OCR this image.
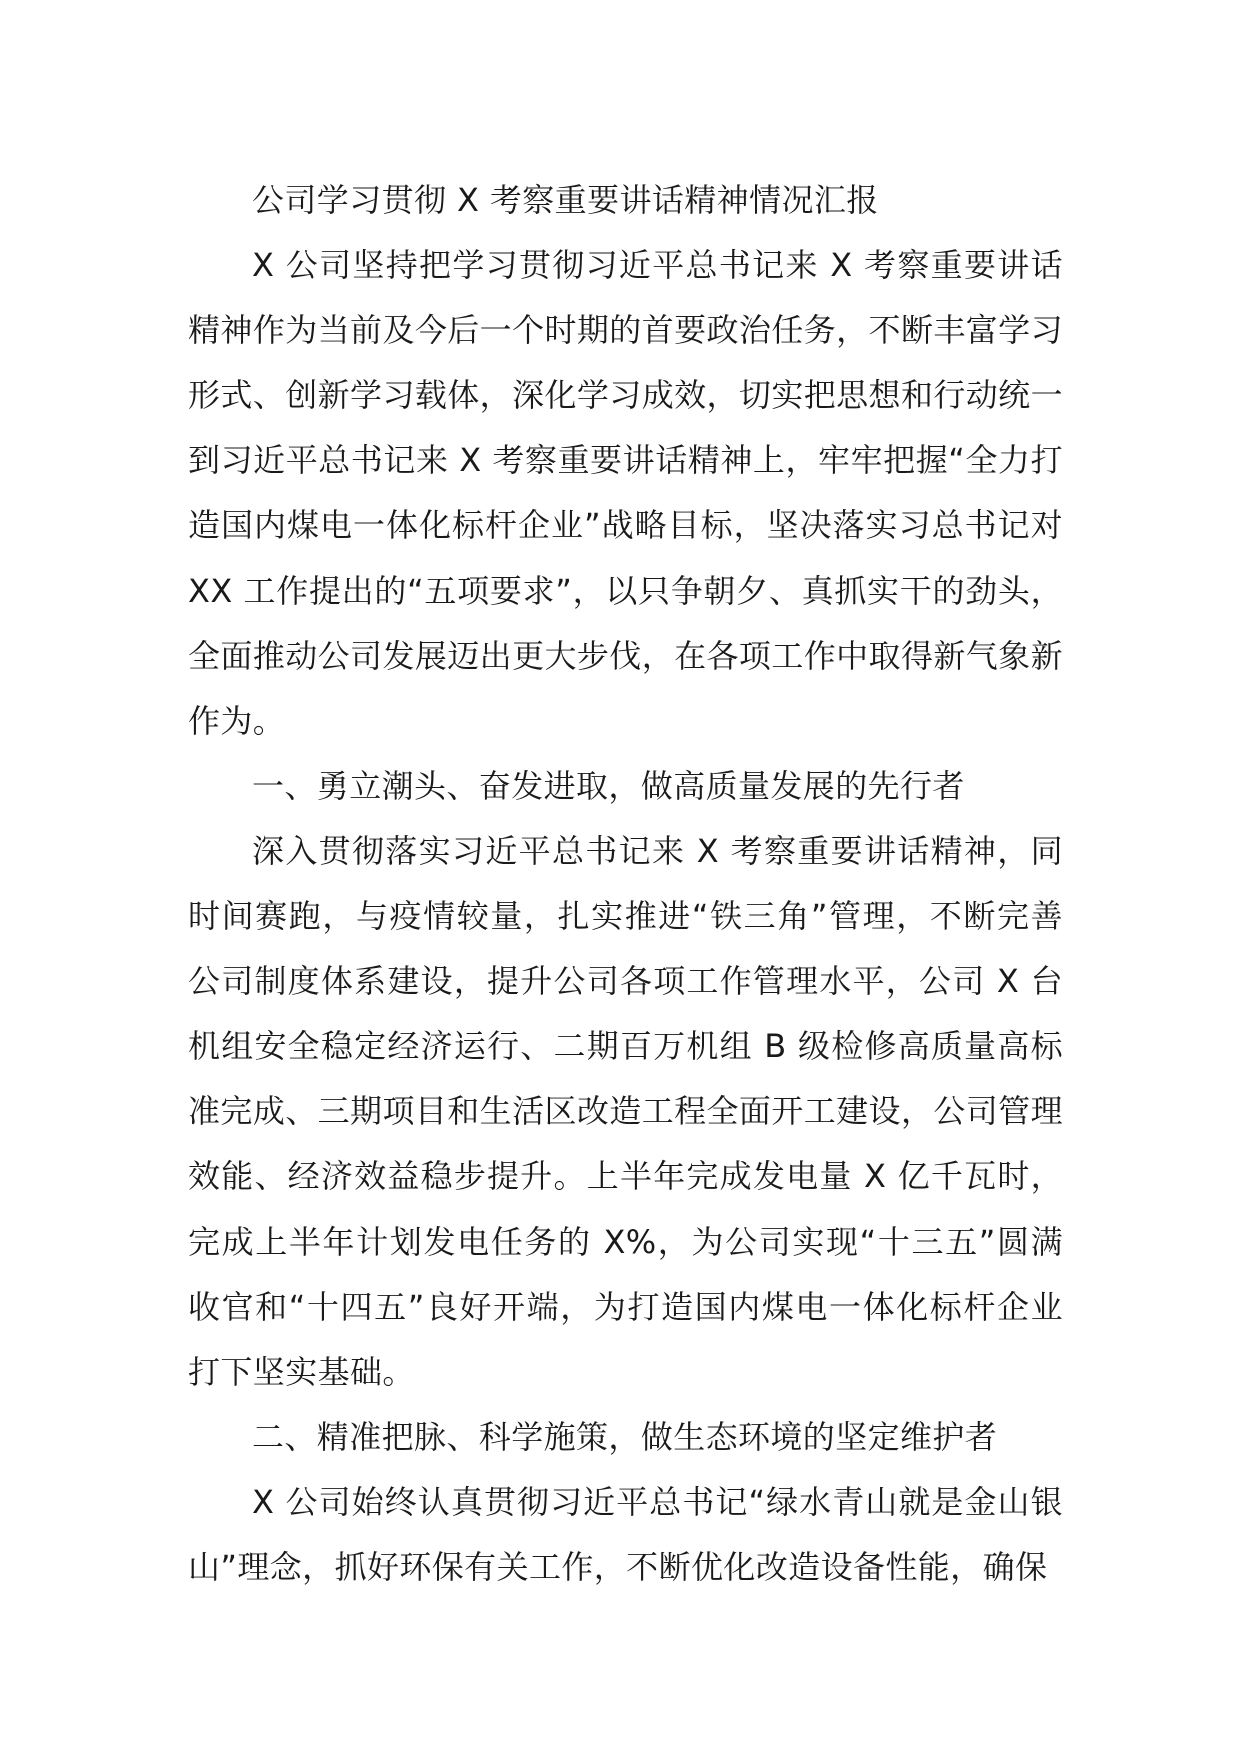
公司学习贯彻 X 考察重要讲话精神情况汇报

X 公司坚持把学习贯彻习近平总书记来 X 考察重要讲话精神作为当前及今后一个时期的首要政治任务，不断丰富学习形式、创新学习载体，深化学习成效，切实把思想和行动统一到习近平总书记来 X 考察重要讲话精神上，牢牢把握“全力打造国内煤电一体化标杆企业”战略目标，坚决落实习总书记对 XX 工作提出的“五项要求”，以只争朝夕、真抓实干的劲头，全面推动公司发展迈出更大步伐，在各项工作中取得新气象新作为。

一、勇立潮头、奋发进取，做高质量发展的先行者

深入贯彻落实习近平总书记来 X 考察重要讲话精神，同时间赛跑，与疫情较量，扎实推进“铁三角”管理，不断完善公司制度体系建设，提升公司各项工作管理水平，公司 X 台机组安全稳定经济运行、二期百万机组 B 级检修高质量高标准完成、三期项目和生活区改造工程全面开工建设，公司管理效能、经济效益稳步提升。上半年完成发电量 X 亿千瓦时，完成上半年计划发电任务的 X%，为公司实现“十三五”圆满收官和“十四五”良好开端，为打造国内煤电一体化标杆企业打下坚实基础。

二、精准把脉、科学施策，做生态环境的坚定维护者

X 公司始终认真贯彻习近平总书记“绿水青山就是金山银山”理念，抓好环保有关工作，不断优化改造设备性能，确保
